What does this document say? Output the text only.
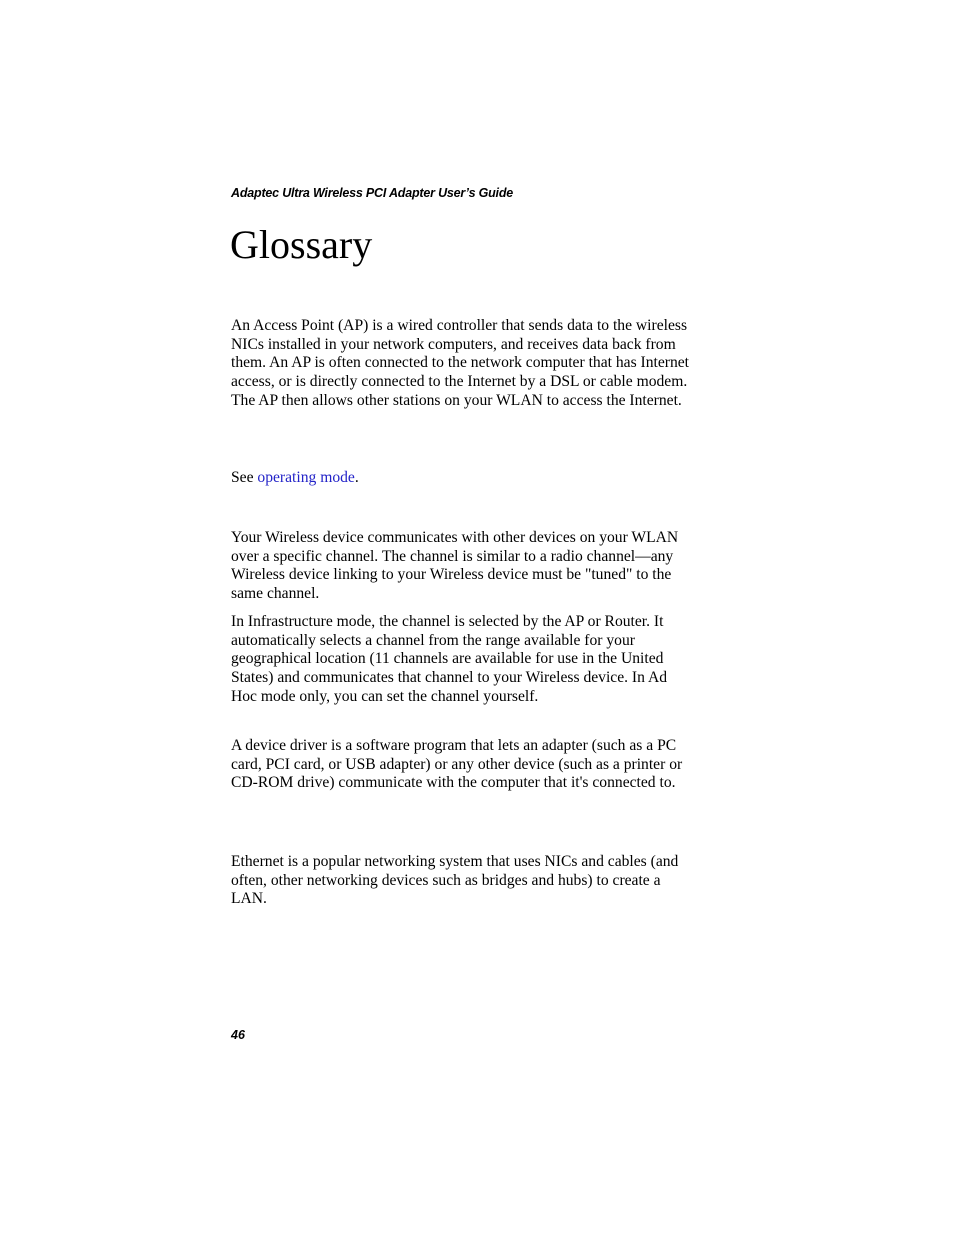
Adaptec Ultra Wireless PCI Adapter User’s Guide
Glossary

An Access Point (AP) is a wired controller that sends data to the wireless NICs installed in your network computers, and receives data back from them. An AP is often connected to the network computer that has Internet access, or is directly connected to the Internet by a DSL or cable modem. The AP then allows other stations on your WLAN to access the Internet.

See operating mode.

Your Wireless device communicates with other devices on your WLAN over a specific channel. The channel is similar to a radio channel—any Wireless device linking to your Wireless device must be "tuned" to the same channel.

In Infrastructure mode, the channel is selected by the AP or Router. It automatically selects a channel from the range available for your geographical location (11 channels are available for use in the United States) and communicates that channel to your Wireless device. In Ad Hoc mode only, you can set the channel yourself.

A device driver is a software program that lets an adapter (such as a PC card, PCI card, or USB adapter) or any other device (such as a printer or CD-ROM drive) communicate with the computer that it's connected to.

Ethernet is a popular networking system that uses NICs and cables (and often, other networking devices such as bridges and hubs) to create a LAN.

46
